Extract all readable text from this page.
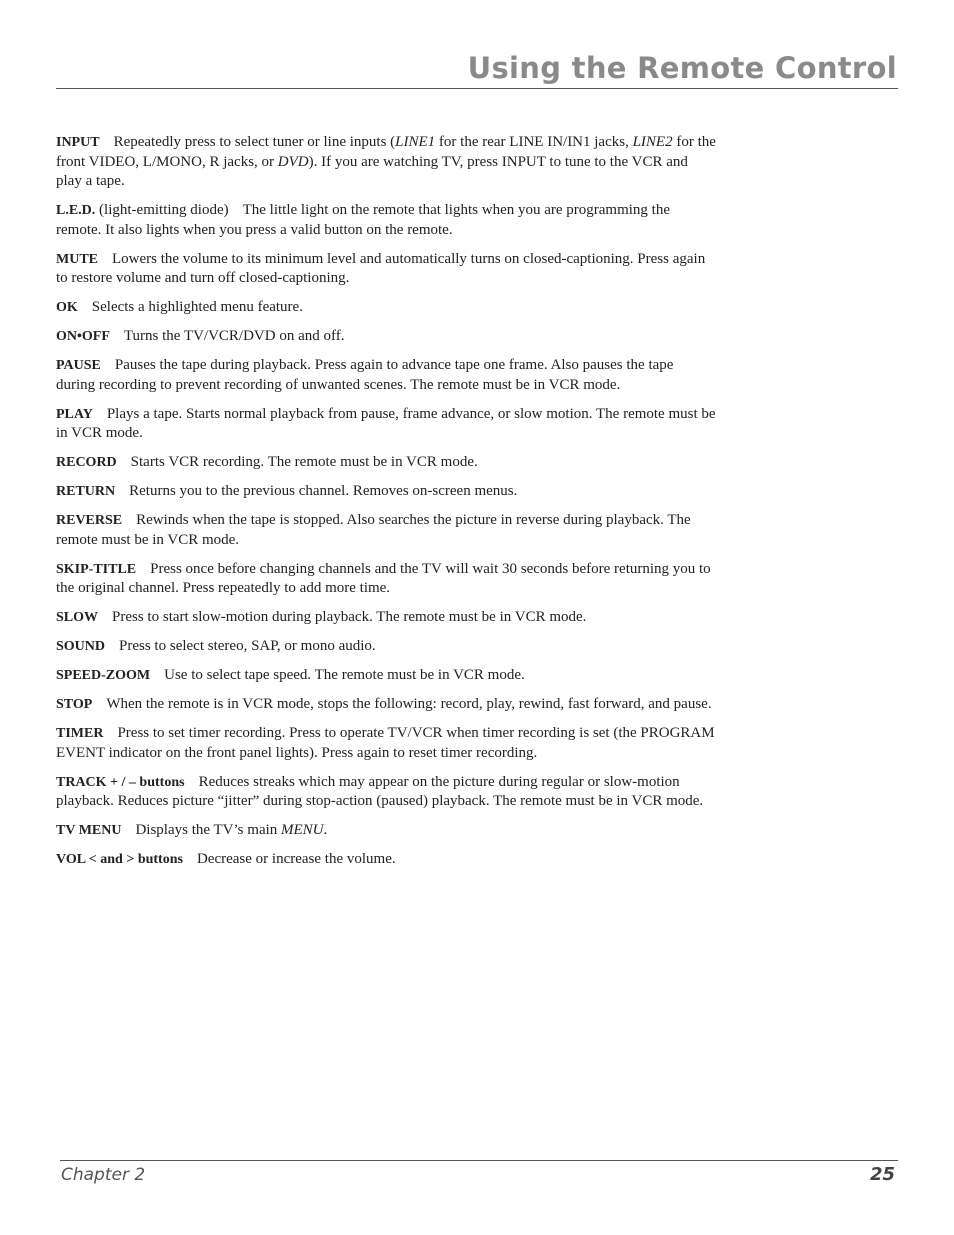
Using the Remote Control

INPUT Repeatedly press to select tuner or line inputs (LINE1 for the rear LINE IN/IN1 jacks, LINE2 for the front VIDEO, L/MONO, R jacks, or DVD). If you are watching TV, press INPUT to tune to the VCR and play a tape.

L.E.D. (light-emitting diode) The little light on the remote that lights when you are programming the remote. It also lights when you press a valid button on the remote.

MUTE Lowers the volume to its minimum level and automatically turns on closed-captioning. Press again to restore volume and turn off closed-captioning.

OK Selects a highlighted menu feature.

ON•OFF Turns the TV/VCR/DVD on and off.

PAUSE Pauses the tape during playback. Press again to advance tape one frame. Also pauses the tape during recording to prevent recording of unwanted scenes. The remote must be in VCR mode.

PLAY Plays a tape. Starts normal playback from pause, frame advance, or slow motion. The remote must be in VCR mode.

RECORD Starts VCR recording. The remote must be in VCR mode.

RETURN Returns you to the previous channel. Removes on-screen menus.

REVERSE Rewinds when the tape is stopped. Also searches the picture in reverse during playback. The remote must be in VCR mode.

SKIP-TITLE Press once before changing channels and the TV will wait 30 seconds before returning you to the original channel. Press repeatedly to add more time.

SLOW Press to start slow-motion during playback. The remote must be in VCR mode.

SOUND Press to select stereo, SAP, or mono audio.

SPEED-ZOOM Use to select tape speed. The remote must be in VCR mode.

STOP When the remote is in VCR mode, stops the following: record, play, rewind, fast forward, and pause.

TIMER Press to set timer recording. Press to operate TV/VCR when timer recording is set (the PROGRAM EVENT indicator on the front panel lights). Press again to reset timer recording.

TRACK + / – buttons Reduces streaks which may appear on the picture during regular or slow-motion playback. Reduces picture “jitter” during stop-action (paused) playback. The remote must be in VCR mode.

TV MENU Displays the TV’s main MENU.

VOL < and > buttons Decrease or increase the volume.

Chapter 2	25
